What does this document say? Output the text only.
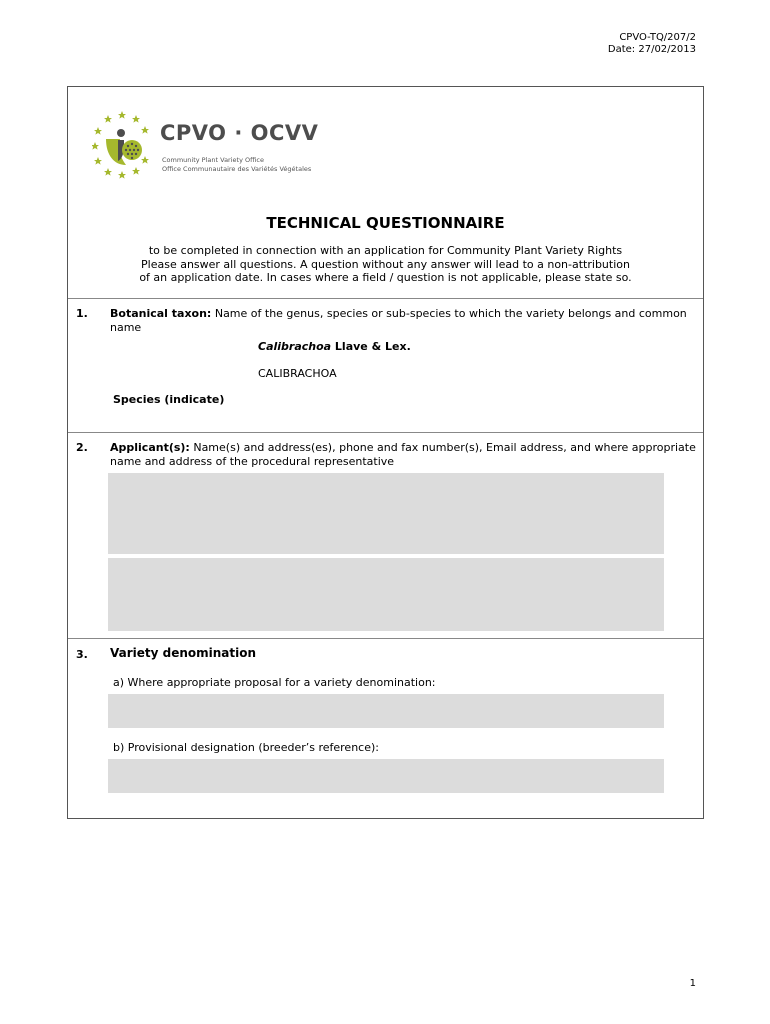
CPVO-TQ/207/2
Date: 27/02/2013
CPVO · OCVV
Community Plant Variety Office
Office Communautaire des Variétés Végétales
TECHNICAL QUESTIONNAIRE
to be completed in connection with an application for Community Plant Variety Rights
Please answer all questions. A question without any answer will lead to a non-attribution
of an application date. In cases where a field / question is not applicable, please state so.
1. Botanical taxon: Name of the genus, species or sub-species to which the variety belongs and common name
Calibrachoa Llave & Lex.
CALIBRACHOA
Species (indicate)
2. Applicant(s): Name(s) and address(es), phone and fax number(s), Email address, and where appropriate name and address of the procedural representative
3. Variety denomination
a) Where appropriate proposal for a variety denomination:
b) Provisional designation (breeder’s reference):
1
